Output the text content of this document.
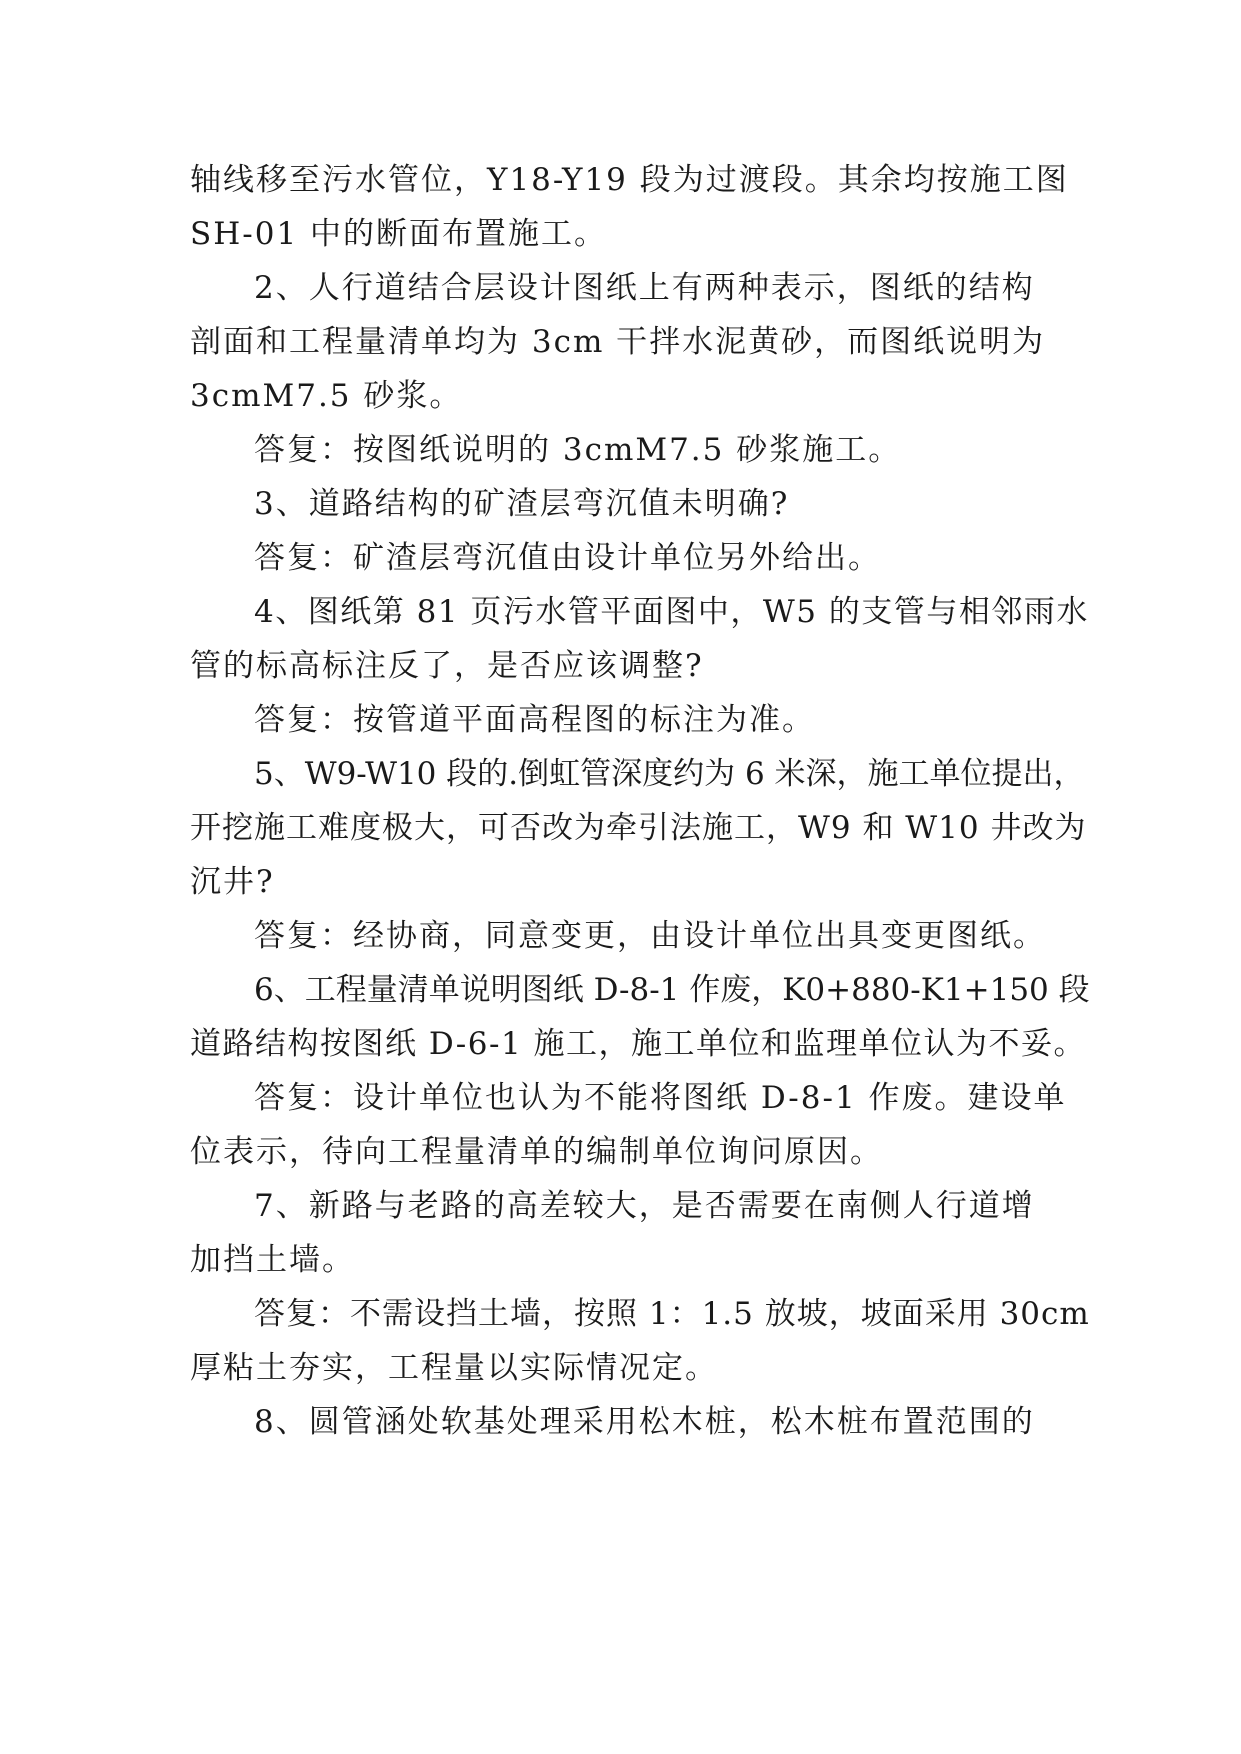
轴线移至污水管位，Y18-Y19 段为过渡段。其余均按施工图
SH-01 中的断面布置施工。
2、人行道结合层设计图纸上有两种表示，图纸的结构
剖面和工程量清单均为 3cm 干拌水泥黄砂，而图纸说明为
3cmM7.5 砂浆。
答复：按图纸说明的 3cmM7.5 砂浆施工。
3、道路结构的矿渣层弯沉值未明确?
答复：矿渣层弯沉值由设计单位另外给出。
4、图纸第 81 页污水管平面图中，W5 的支管与相邻雨水
管的标高标注反了，是否应该调整?
答复：按管道平面高程图的标注为准。
5、W9-W10 段的.倒虹管深度约为 6 米深，施工单位提出，
开挖施工难度极大，可否改为牵引法施工，W9 和 W10 井改为
沉井?
答复：经协商，同意变更，由设计单位出具变更图纸。
6、工程量清单说明图纸 D-8-1 作废，K0+880-K1+150 段
道路结构按图纸 D-6-1 施工，施工单位和监理单位认为不妥。
答复：设计单位也认为不能将图纸 D-8-1 作废。建设单
位表示，待向工程量清单的编制单位询问原因。
7、新路与老路的高差较大，是否需要在南侧人行道增
加挡土墙。
答复：不需设挡土墙，按照 1：1.5 放坡，坡面采用 30cm
厚粘土夯实，工程量以实际情况定。
8、圆管涵处软基处理采用松木桩，松木桩布置范围的
